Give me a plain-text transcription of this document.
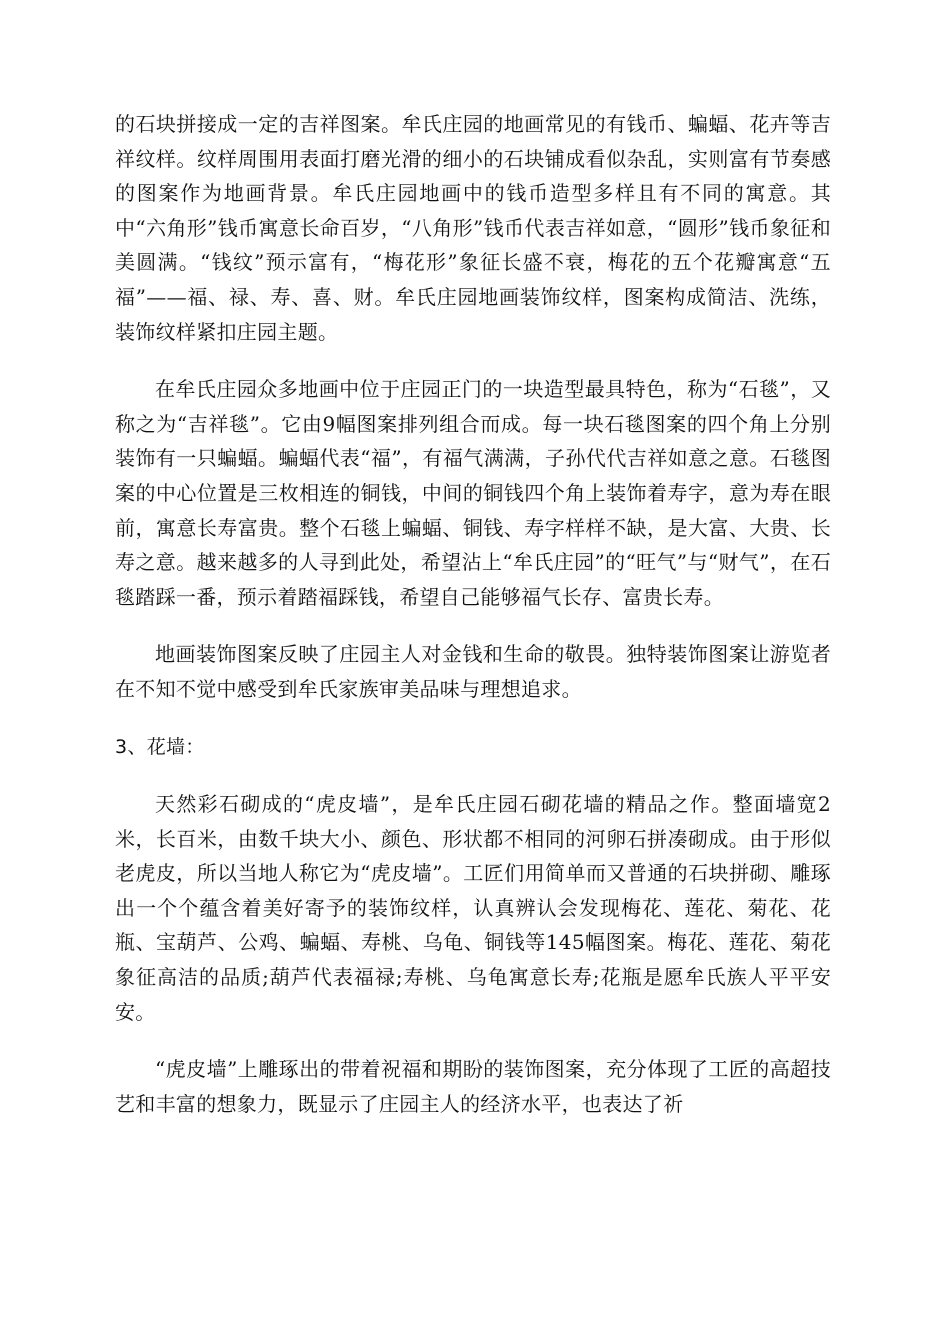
的石块拼接成一定的吉祥图案。牟氏庄园的地画常见的有钱币、蝙蝠、花卉等吉祥纹样。纹样周围用表面打磨光滑的细小的石块铺成看似杂乱，实则富有节奏感的图案作为地画背景。牟氏庄园地画中的钱币造型多样且有不同的寓意。其中“六角形”钱币寓意长命百岁，“八角形”钱币代表吉祥如意，“圆形”钱币象征和美圆满。“钱纹”预示富有，“梅花形”象征长盛不衰，梅花的五个花瓣寓意“五福”——福、禄、寿、喜、财。牟氏庄园地画装饰纹样，图案构成简洁、洗练，装饰纹样紧扣庄园主题。

在牟氏庄园众多地画中位于庄园正门的一块造型最具特色，称为“石毯”，又称之为“吉祥毯”。它由9幅图案排列组合而成。每一块石毯图案的四个角上分别装饰有一只蝙蝠。蝙蝠代表“福”，有福气满满，子孙代代吉祥如意之意。石毯图案的中心位置是三枚相连的铜钱，中间的铜钱四个角上装饰着寿字，意为寿在眼前，寓意长寿富贵。整个石毯上蝙蝠、铜钱、寿字样样不缺，是大富、大贵、长寿之意。越来越多的人寻到此处，希望沾上“牟氏庄园”的“旺气”与“财气”，在石毯踏踩一番，预示着踏福踩钱，希望自己能够福气长存、富贵长寿。

地画装饰图案反映了庄园主人对金钱和生命的敬畏。独特装饰图案让游览者在不知不觉中感受到牟氏家族审美品味与理想追求。

3、花墙：

天然彩石砌成的“虎皮墙”，是牟氏庄园石砌花墙的精品之作。整面墙宽2米，长百米，由数千块大小、颜色、形状都不相同的河卵石拼凑砌成。由于形似老虎皮，所以当地人称它为“虎皮墙”。工匠们用简单而又普通的石块拼砌、雕琢出一个个蕴含着美好寄予的装饰纹样，认真辨认会发现梅花、莲花、菊花、花瓶、宝葫芦、公鸡、蝙蝠、寿桃、乌龟、铜钱等145幅图案。梅花、莲花、菊花象征高洁的品质;葫芦代表福禄;寿桃、乌龟寓意长寿;花瓶是愿牟氏族人平平安安。

“虎皮墙”上雕琢出的带着祝福和期盼的装饰图案，充分体现了工匠的高超技艺和丰富的想象力，既显示了庄园主人的经济水平，也表达了祈
